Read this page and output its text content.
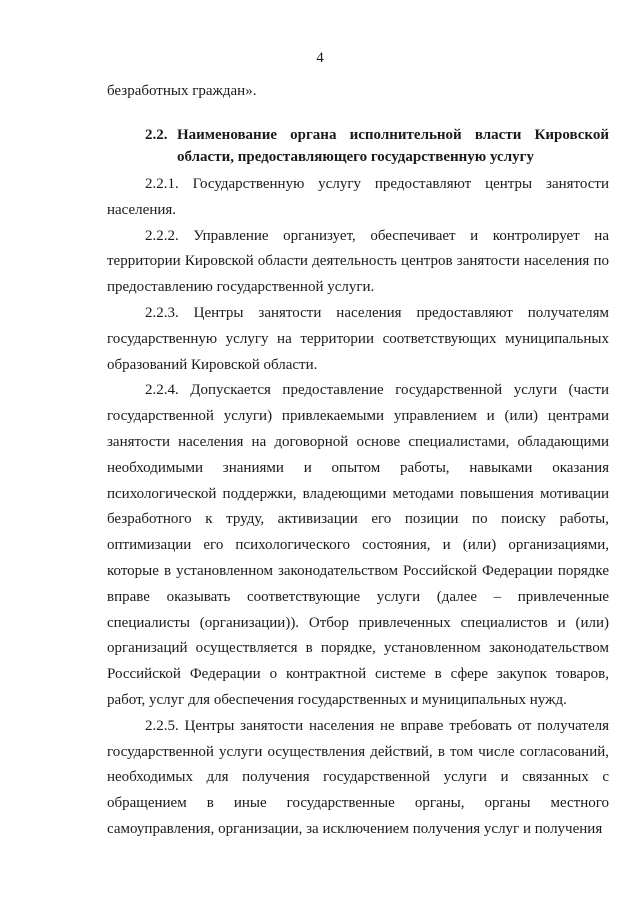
4
безработных граждан».
2.2. Наименование органа исполнительной власти Кировской
области, предоставляющего государственную услугу

2.2.1. Государственную услугу предоставляют центры занятости населения.

2.2.2. Управление организует, обеспечивает и контролирует на территории Кировской области деятельность центров занятости населения по предоставлению государственной услуги.

2.2.3. Центры занятости населения предоставляют получателям государственную услугу на территории соответствующих муниципальных образований Кировской области.

2.2.4. Допускается предоставление государственной услуги (части государственной услуги) привлекаемыми управлением и (или) центрами занятости населения на договорной основе специалистами, обладающими необходимыми знаниями и опытом работы, навыками оказания психологической поддержки, владеющими методами повышения мотивации безработного к труду, активизации его позиции по поиску работы, оптимизации его психологического состояния, и (или) организациями, которые в установленном законодательством Российской Федерации порядке вправе оказывать соответствующие услуги (далее – привлеченные специалисты (организации)). Отбор привлеченных специалистов и (или) организаций осуществляется в порядке, установленном законодательством Российской Федерации о контрактной системе в сфере закупок товаров, работ, услуг для обеспечения государственных и муниципальных нужд.

2.2.5. Центры занятости населения не вправе требовать от получателя государственной услуги осуществления действий, в том числе согласований, необходимых для получения государственной услуги и связанных с обращением в иные государственные органы, органы местного самоуправления, организации, за исключением получения услуг и получения
